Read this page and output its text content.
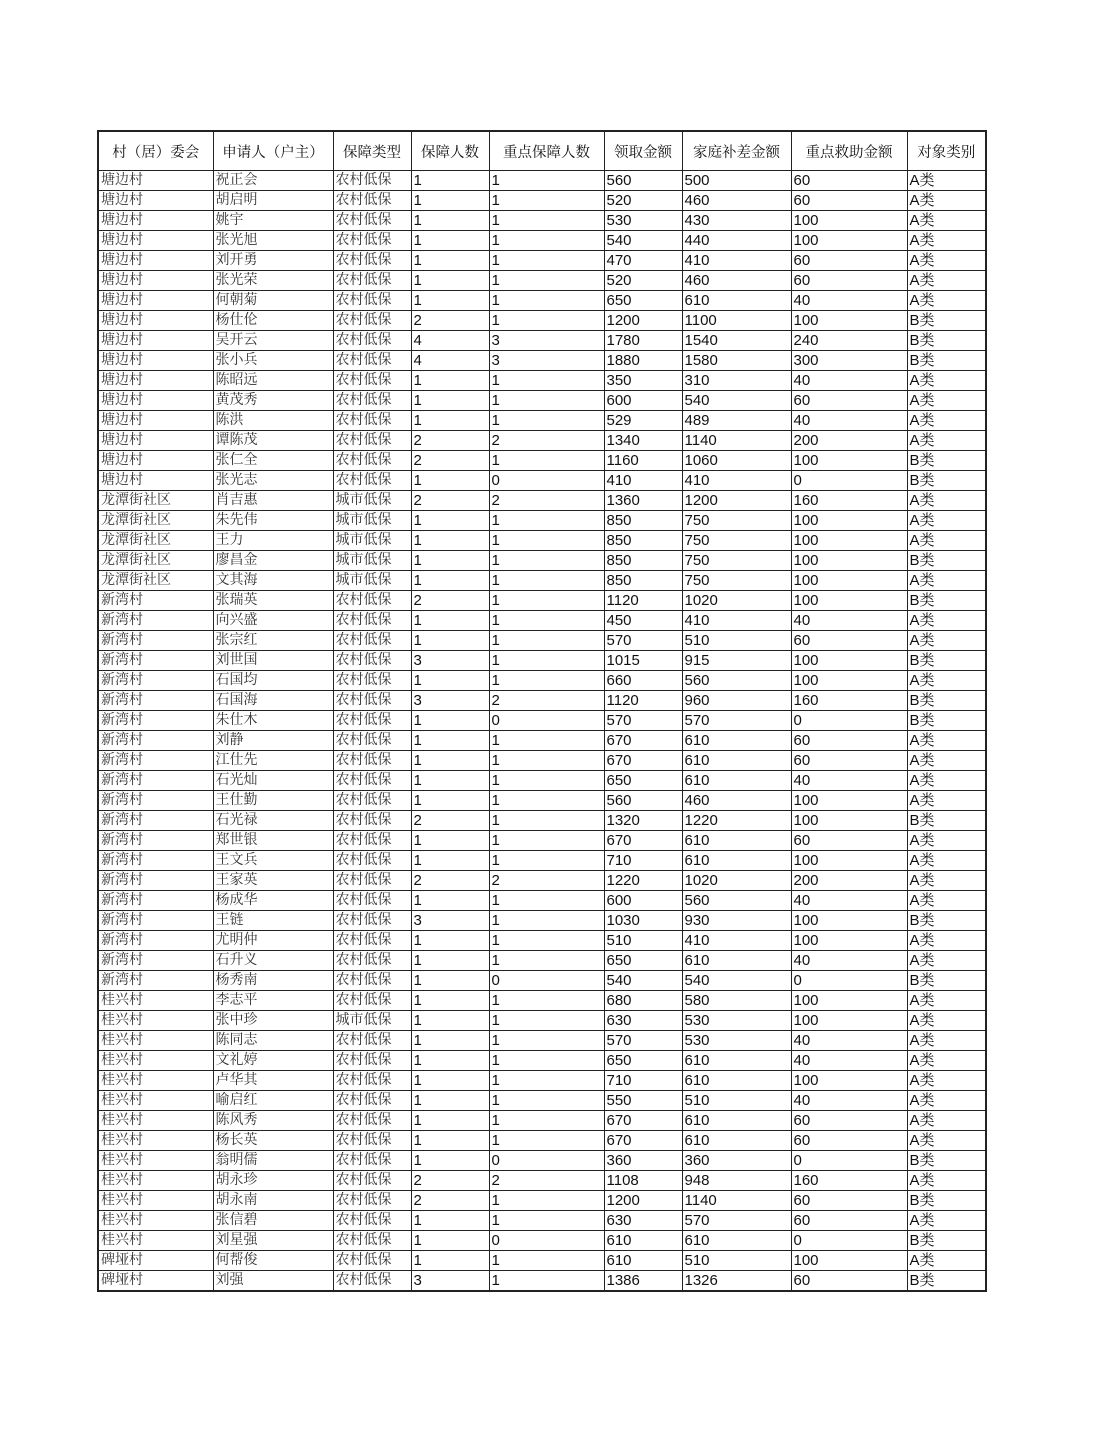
村（居）委会	申请人（户主）	保障类型	保障人数	重点保障人数	领取金额	家庭补差金额	重点救助金额	对象类别
塘边村	祝正会	农村低保	1	1	560	500	60	A类
塘边村	胡启明	农村低保	1	1	520	460	60	A类
塘边村	姚宇	农村低保	1	1	530	430	100	A类
塘边村	张光旭	农村低保	1	1	540	440	100	A类
塘边村	刘开勇	农村低保	1	1	470	410	60	A类
塘边村	张光荣	农村低保	1	1	520	460	60	A类
塘边村	何朝菊	农村低保	1	1	650	610	40	A类
塘边村	杨仕伦	农村低保	2	1	1200	1100	100	B类
塘边村	吴开云	农村低保	4	3	1780	1540	240	B类
塘边村	张小兵	农村低保	4	3	1880	1580	300	B类
塘边村	陈昭远	农村低保	1	1	350	310	40	A类
塘边村	黄茂秀	农村低保	1	1	600	540	60	A类
塘边村	陈洪	农村低保	1	1	529	489	40	A类
塘边村	谭陈茂	农村低保	2	2	1340	1140	200	A类
塘边村	张仁全	农村低保	2	1	1160	1060	100	B类
塘边村	张光志	农村低保	1	0	410	410	0	B类
龙潭街社区	肖吉惠	城市低保	2	2	1360	1200	160	A类
龙潭街社区	朱先伟	城市低保	1	1	850	750	100	A类
龙潭街社区	王力	城市低保	1	1	850	750	100	A类
龙潭街社区	廖昌金	城市低保	1	1	850	750	100	B类
龙潭街社区	文其海	城市低保	1	1	850	750	100	A类
新湾村	张瑞英	农村低保	2	1	1120	1020	100	B类
新湾村	向兴盛	农村低保	1	1	450	410	40	A类
新湾村	张宗红	农村低保	1	1	570	510	60	A类
新湾村	刘世国	农村低保	3	1	1015	915	100	B类
新湾村	石国均	农村低保	1	1	660	560	100	A类
新湾村	石国海	农村低保	3	2	1120	960	160	B类
新湾村	朱仕木	农村低保	1	0	570	570	0	B类
新湾村	刘静	农村低保	1	1	670	610	60	A类
新湾村	江仕先	农村低保	1	1	670	610	60	A类
新湾村	石光灿	农村低保	1	1	650	610	40	A类
新湾村	王仕勤	农村低保	1	1	560	460	100	A类
新湾村	石光禄	农村低保	2	1	1320	1220	100	B类
新湾村	郑世银	农村低保	1	1	670	610	60	A类
新湾村	王文兵	农村低保	1	1	710	610	100	A类
新湾村	王家英	农村低保	2	2	1220	1020	200	A类
新湾村	杨成华	农村低保	1	1	600	560	40	A类
新湾村	王链	农村低保	3	1	1030	930	100	B类
新湾村	尤明仲	农村低保	1	1	510	410	100	A类
新湾村	石升义	农村低保	1	1	650	610	40	A类
新湾村	杨秀南	农村低保	1	0	540	540	0	B类
桂兴村	李志平	农村低保	1	1	680	580	100	A类
桂兴村	张中珍	城市低保	1	1	630	530	100	A类
桂兴村	陈同志	农村低保	1	1	570	530	40	A类
桂兴村	文礼婷	农村低保	1	1	650	610	40	A类
桂兴村	卢华其	农村低保	1	1	710	610	100	A类
桂兴村	喻启红	农村低保	1	1	550	510	40	A类
桂兴村	陈风秀	农村低保	1	1	670	610	60	A类
桂兴村	杨长英	农村低保	1	1	670	610	60	A类
桂兴村	翁明儒	农村低保	1	0	360	360	0	B类
桂兴村	胡永珍	农村低保	2	2	1108	948	160	A类
桂兴村	胡永南	农村低保	2	1	1200	1140	60	B类
桂兴村	张信碧	农村低保	1	1	630	570	60	A类
桂兴村	刘星强	农村低保	1	0	610	610	0	B类
碑垭村	何帮俊	农村低保	1	1	610	510	100	A类
碑垭村	刘强	农村低保	3	1	1386	1326	60	B类
